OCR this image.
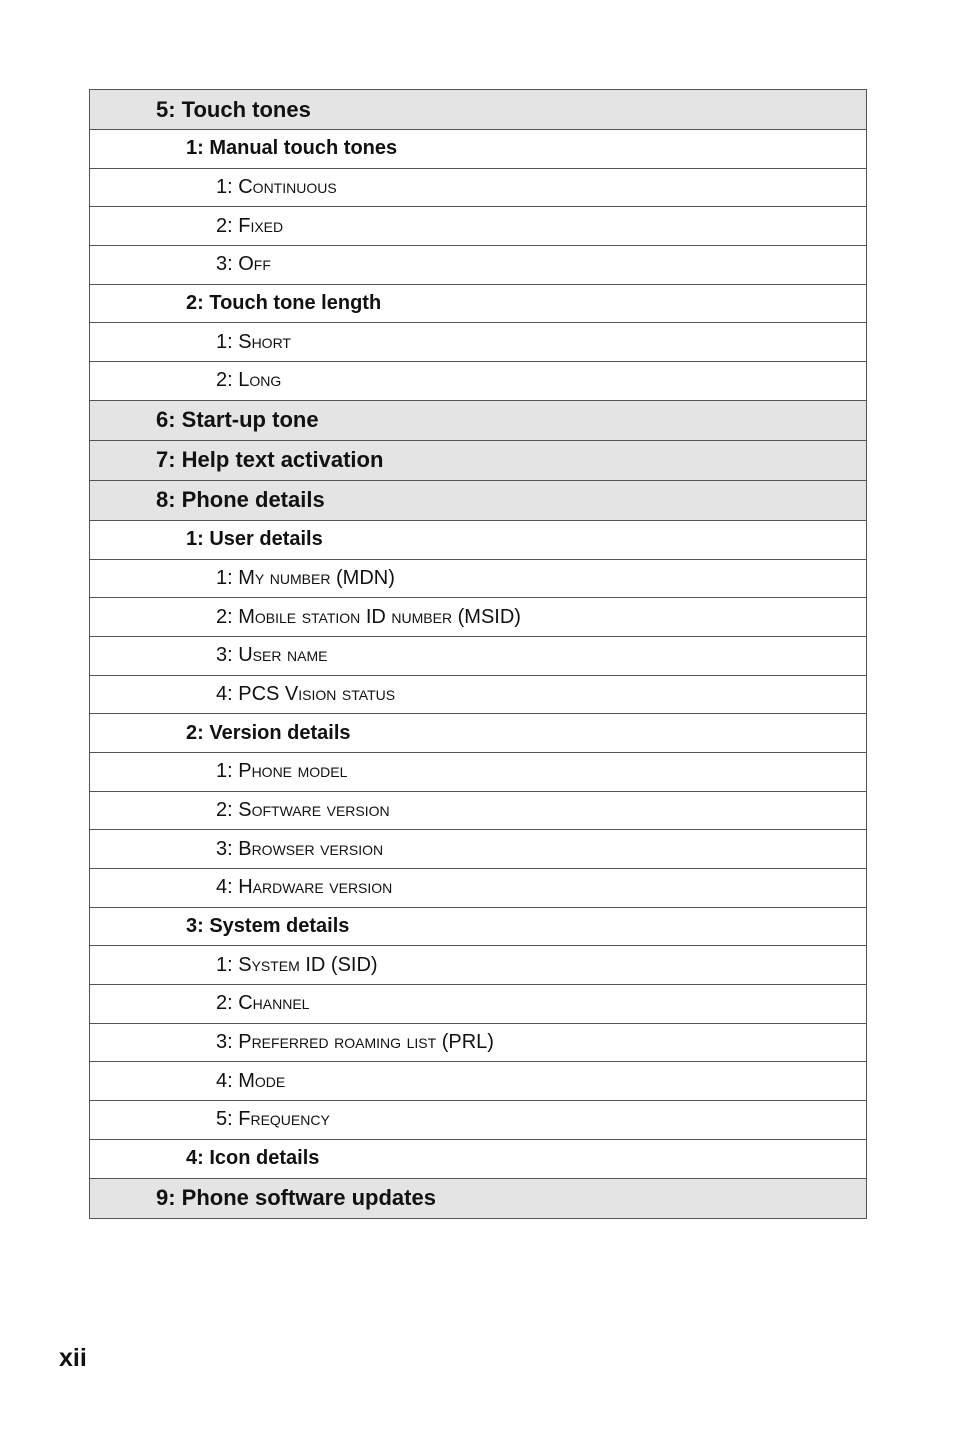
5: Touch tones
1: Manual touch tones
1: Continuous
2: Fixed
3: Off
2: Touch tone length
1: Short
2: Long
6: Start-up tone
7: Help text activation
8: Phone details
1: User details
1: My number (MDN)
2: Mobile station ID number (MSID)
3: User name
4: PCS Vision status
2: Version details
1: Phone model
2: Software version
3: Browser version
4: Hardware version
3: System details
1: System ID (SID)
2: Channel
3: Preferred roaming list (PRL)
4: Mode
5: Frequency
4: Icon details
9: Phone software updates
xii
